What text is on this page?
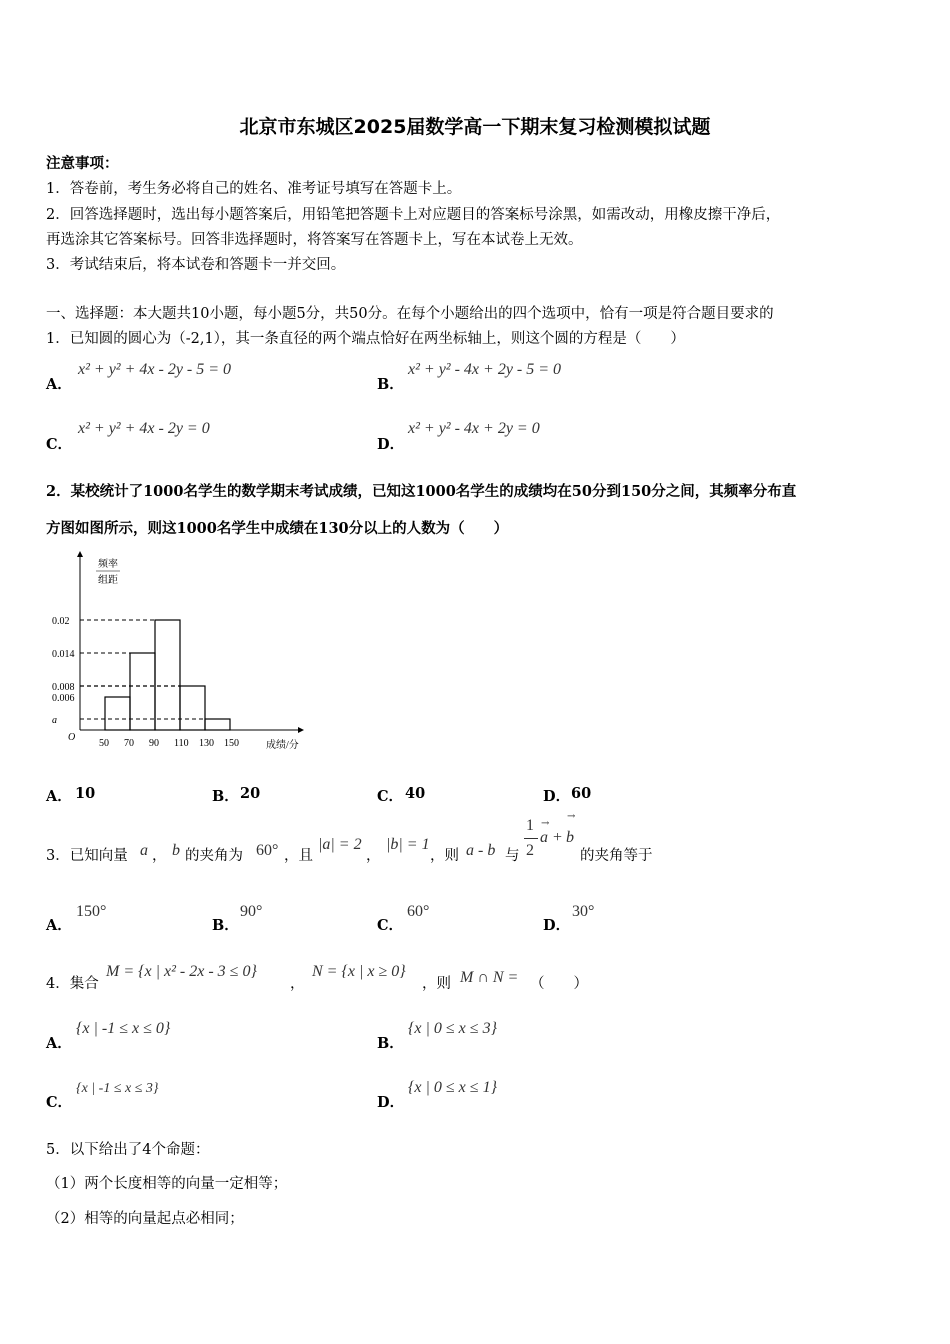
北京市东城区2025届数学高一下期末复习检测模拟试题
注意事项：
1．答卷前，考生务必将自己的姓名、准考证号填写在答题卡上。
2．回答选择题时，选出每小题答案后，用铅笔把答题卡上对应题目的答案标号涂黑，如需改动，用橡皮擦干净后，
再选涂其它答案标号。回答非选择题时，将答案写在答题卡上，写在本试卷上无效。
3．考试结束后，将本试卷和答题卡一并交回。
一、选择题：本大题共10小题，每小题5分，共50分。在每个小题给出的四个选项中，恰有一项是符合题目要求的
1．已知圆的圆心为（-2,1），其一条直径的两个端点恰好在两坐标轴上，则这个圆的方程是（　　）
A．
x² + y² + 4x - 2y - 5 = 0
B．
x² + y² - 4x + 2y - 5 = 0
C．
x² + y² + 4x - 2y = 0
D．
x² + y² - 4x + 2y = 0
2．某校统计了1000名学生的数学期末考试成绩，已知这1000名学生的成绩均在50分到150分之间，其频率分布直
方图如图所示，则这1000名学生中成绩在130分以上的人数为（　　）
频率
组距
成绩/分
O
50 70 90 110 130 150
0.02
0.014
0.008
0.006
a
A． 10	B． 20	C． 40	D． 60
3．已知向量 a ， b 的夹角为 60° ，且
|a| = 2
，
|b| = 1
，则 a - b 与
1
2
a
→
+ b
→
的夹角等于
A．
150°
B．
90°
C．
60°
D．
30°
4．集合
M = {x | x² - 2x - 3 ≤ 0}
，
N = {x | x ≥ 0}
，则 M ∩ N = （　　）
A．
{x | -1 ≤ x ≤ 0}
B．
{x | 0 ≤ x ≤ 3}
C．
{x | -1 ≤ x ≤ 3}
D．
{x | 0 ≤ x ≤ 1}
5．以下给出了4个命题：
（1）两个长度相等的向量一定相等；
（2）相等的向量起点必相同；
